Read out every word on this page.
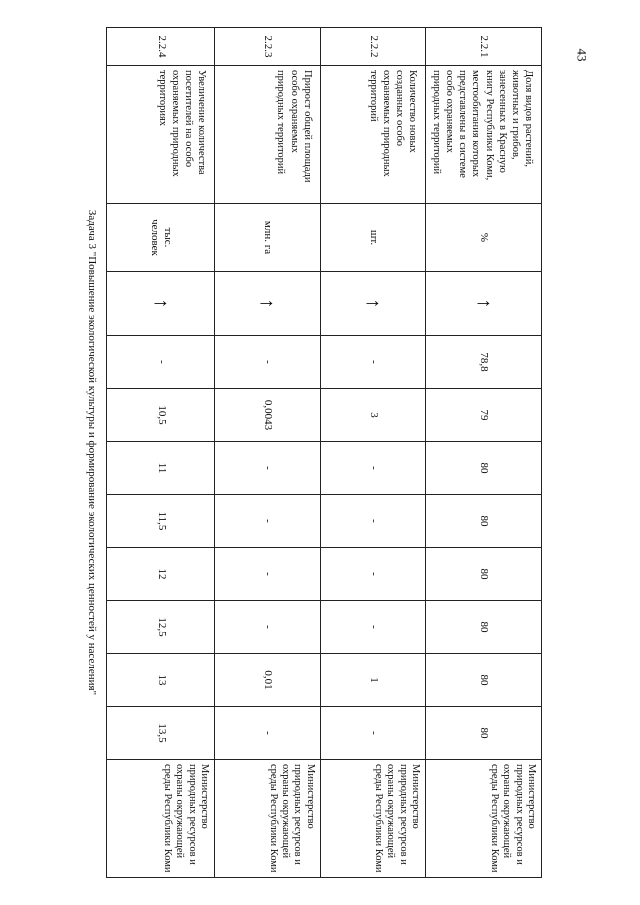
43
2.2.1	Доля видов растений, животных и грибов, занесенных в Красную книгу Республики Коми, местообитания которых представлены в системе особо охраняемых природных территорий	%	↑	78,8	79	80	80	80	80	80	80	Министерство природных ресурсов и охраны окружающей среды Республики Коми
2.2.2	Количество новых созданных особо охраняемых природных территорий	шт.	↑	-	3	-	-	-	-	1	-	Министерство природных ресурсов и охраны окружающей среды Республики Коми
2.2.3	Прирост общей площади особо охраняемых природных территорий	млн. га	↑	-	0,0043	-	-	-	-	0,01	-	Министерство природных ресурсов и охраны окружающей среды Республики Коми
2.2.4	Увеличение количества посетителей на особо охраняемых природных территориях	тыс. человек	↑	-	10,5	11	11,5	12	12,5	13	13,5	Министерство природных ресурсов и охраны окружающей среды Республики Коми
Задача 3 "Повышение экологической культуры и формирование экологических ценностей у населения"												
